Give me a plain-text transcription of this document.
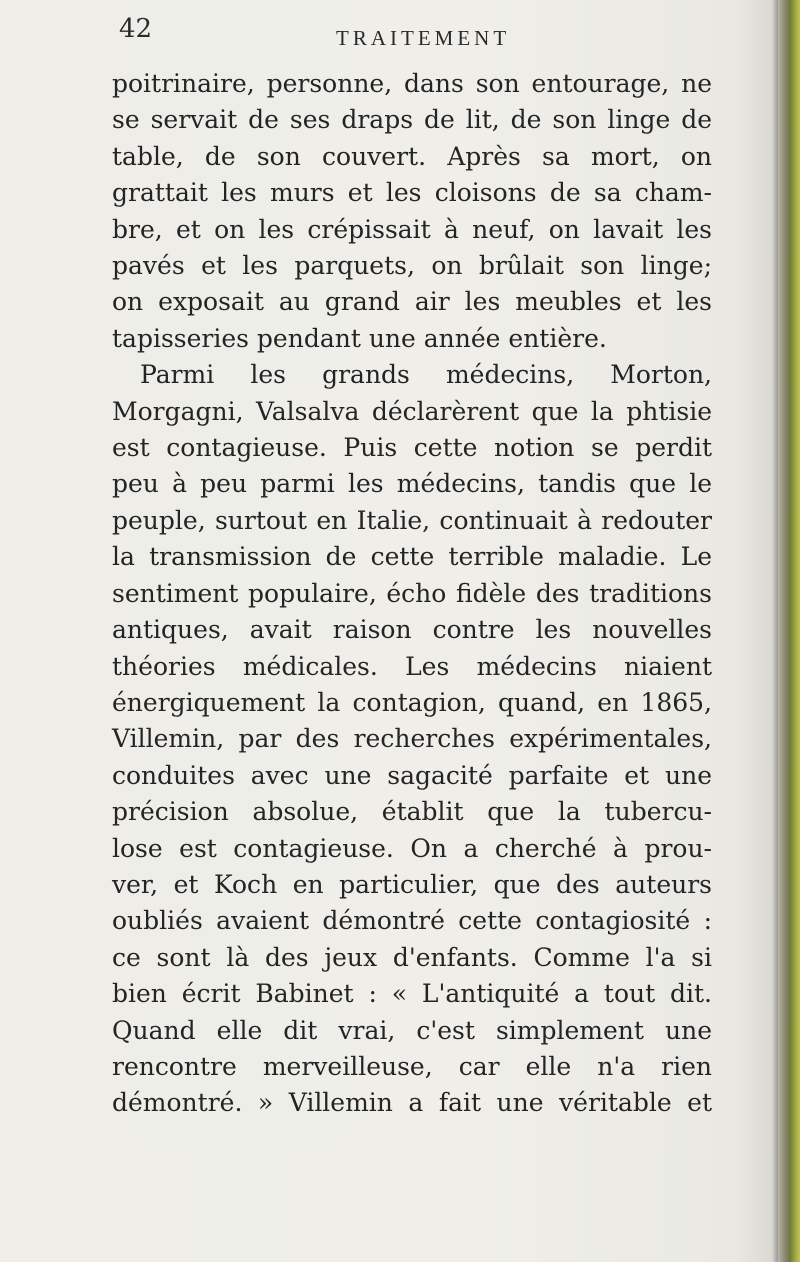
42	TRAITEMENT
poitrinaire, personne, dans son entourage, ne
se servait de ses draps de lit, de son linge de
table, de son couvert. Après sa mort, on
grattait les murs et les cloisons de sa cham-
bre, et on les crépissait à neuf, on lavait les
pavés et les parquets, on brûlait son linge;
on exposait au grand air les meubles et les
tapisseries pendant une année entière.
Parmi les grands médecins, Morton,
Morgagni, Valsalva déclarèrent que la phtisie
est contagieuse. Puis cette notion se perdit
peu à peu parmi les médecins, tandis que le
peuple, surtout en Italie, continuait à redouter
la transmission de cette terrible maladie. Le
sentiment populaire, écho fidèle des traditions
antiques, avait raison contre les nouvelles
théories médicales. Les médecins niaient
énergiquement la contagion, quand, en 1865,
Villemin, par des recherches expérimentales,
conduites avec une sagacité parfaite et une
précision absolue, établit que la tubercu-
lose est contagieuse. On a cherché à prou-
ver, et Koch en particulier, que des auteurs
oubliés avaient démontré cette contagiosité :
ce sont là des jeux d'enfants. Comme l'a si
bien écrit Babinet : « L'antiquité a tout dit.
Quand elle dit vrai, c'est simplement une
rencontre merveilleuse, car elle n'a rien
démontré. » Villemin a fait une véritable et
